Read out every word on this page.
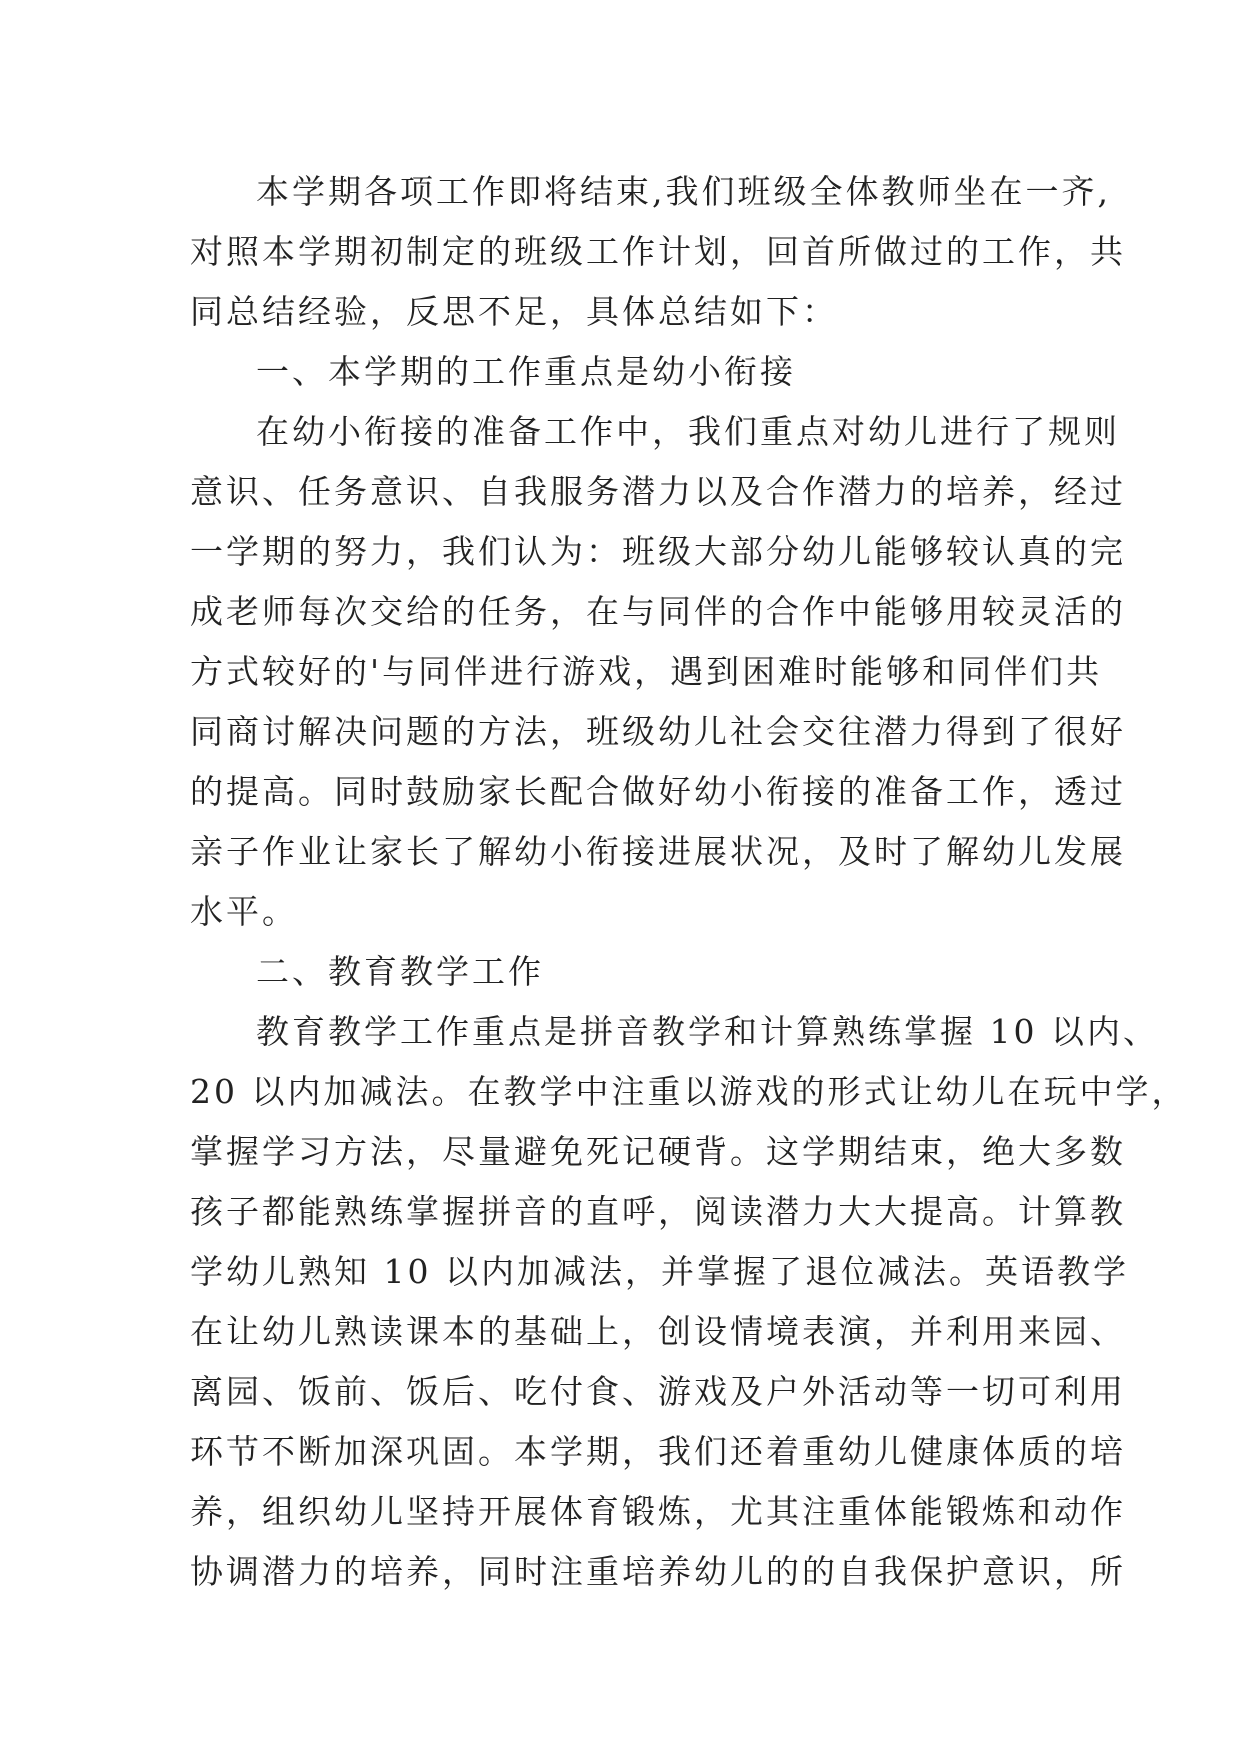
本学期各项工作即将结束,我们班级全体教师坐在一齐,
对照本学期初制定的班级工作计划，回首所做过的工作，共
同总结经验，反思不足，具体总结如下：
一、本学期的工作重点是幼小衔接
在幼小衔接的准备工作中，我们重点对幼儿进行了规则
意识、任务意识、自我服务潜力以及合作潜力的培养，经过
一学期的努力，我们认为：班级大部分幼儿能够较认真的完
成老师每次交给的任务，在与同伴的合作中能够用较灵活的
方式较好的'与同伴进行游戏，遇到困难时能够和同伴们共
同商讨解决问题的方法，班级幼儿社会交往潜力得到了很好
的提高。同时鼓励家长配合做好幼小衔接的准备工作，透过
亲子作业让家长了解幼小衔接进展状况，及时了解幼儿发展
水平。
二、教育教学工作
教育教学工作重点是拼音教学和计算熟练掌握 10 以内、
20 以内加减法。在教学中注重以游戏的形式让幼儿在玩中学，
掌握学习方法，尽量避免死记硬背。这学期结束，绝大多数
孩子都能熟练掌握拼音的直呼，阅读潜力大大提高。计算教
学幼儿熟知 10 以内加减法，并掌握了退位减法。英语教学
在让幼儿熟读课本的基础上，创设情境表演，并利用来园、
离园、饭前、饭后、吃付食、游戏及户外活动等一切可利用
环节不断加深巩固。本学期，我们还着重幼儿健康体质的培
养，组织幼儿坚持开展体育锻炼，尤其注重体能锻炼和动作
协调潜力的培养，同时注重培养幼儿的的自我保护意识，所
